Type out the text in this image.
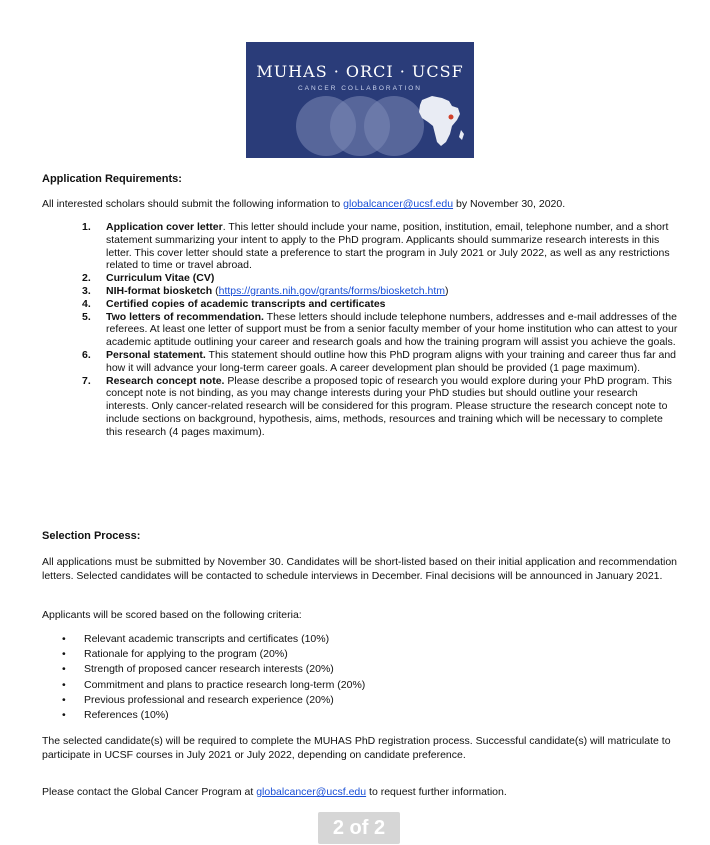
MUHAS · ORCI · UCSF
CANCER COLLABORATION
Application Requirements:
All interested scholars should submit the following information to globalcancer@ucsf.edu by November 30, 2020.
1. Application cover letter. This letter should include your name, position, institution, email, telephone number, and a short statement summarizing your intent to apply to the PhD program. Applicants should summarize research interests in this letter. This cover letter should state a preference to start the program in July 2021 or July 2022, as well as any restrictions related to time or travel abroad.
2. Curriculum Vitae (CV)
3. NIH-format biosketch (https://grants.nih.gov/grants/forms/biosketch.htm)
4. Certified copies of academic transcripts and certificates
5. Two letters of recommendation. These letters should include telephone numbers, addresses and e-mail addresses of the referees. At least one letter of support must be from a senior faculty member of your home institution who can attest to your academic aptitude outlining your career and research goals and how the training program will assist you achieve the goals.
6. Personal statement. This statement should outline how this PhD program aligns with your training and career thus far and how it will advance your long-term career goals. A career development plan should be provided (1 page maximum).
7. Research concept note. Please describe a proposed topic of research you would explore during your PhD program. This concept note is not binding, as you may change interests during your PhD studies but should outline your research interests. Only cancer-related research will be considered for this program. Please structure the research concept note to include sections on background, hypothesis, aims, methods, resources and training which will be necessary to complete this research (4 pages maximum).
Selection Process:
All applications must be submitted by November 30. Candidates will be short-listed based on their initial application and recommendation letters. Selected candidates will be contacted to schedule interviews in December. Final decisions will be announced in January 2021.
Applicants will be scored based on the following criteria:
• Relevant academic transcripts and certificates (10%)
• Rationale for applying to the program (20%)
• Strength of proposed cancer research interests (20%)
• Commitment and plans to practice research long-term (20%)
• Previous professional and research experience (20%)
• References (10%)
The selected candidate(s) will be required to complete the MUHAS PhD registration process. Successful candidate(s) will matriculate to participate in UCSF courses in July 2021 or July 2022, depending on candidate preference.
Please contact the Global Cancer Program at globalcancer@ucsf.edu to request further information.
2 of 2
